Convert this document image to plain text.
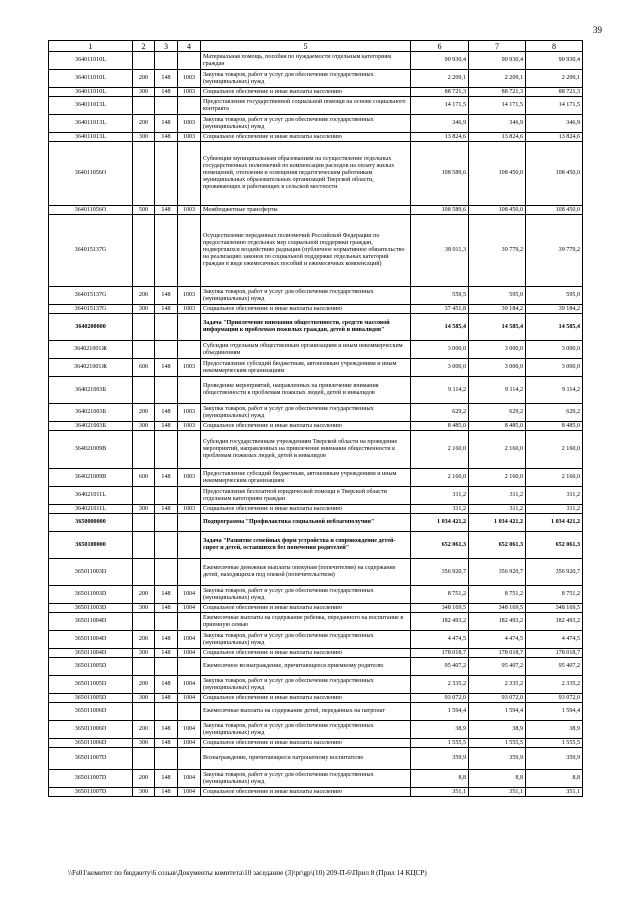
39
1	2	3	4	5	6	7	8
364011010L				Материальная помощь, пособия по нуждаемости отдельным категориям граждан	90 930,4	90 930,4	90 930,4
364011010L	200	148	1003	Закупка товаров, работ и услуг для обеспечения государственных (муниципальных) нужд	2 209,1	2 209,1	2 209,1
364011010L	300	148	1003	Социальное обеспечение и иные выплаты населению	88 721,3	88 721,3	88 721,3
364011013L				Предоставление государственной социальной помощи на основе социального контракта	14 171,5	14 171,5	14 171,5
364011013L	200	148	1003	Закупка товаров, работ и услуг для обеспечения государственных (муниципальных) нужд	346,9	346,9	346,9
364011013L	300	148	1003	Социальное обеспечение и иные выплаты населению	13 824,6	13 824,6	13 824,6
364011056O				Субвенции муниципальным образованиям на осуществление отдельных государственных полномочий по компенсации расходов на оплату жилых помещений, отопления и освещения педагогическим работникам муниципальных образовательных организаций Тверской области, проживающих и работающих в сельской местности	108 589,6	108 450,0	108 450,0
364011056O	500	148	1003	Межбюджетные трансферты	108 589,6	108 450,0	108 450,0
364015137G				Осуществление переданных полномочий Российской Федерации по предоставлению отдельных мер социальной поддержки граждан, подвергшихся воздействию радиации (публичное нормативное обязательство на реализацию законов по социальной поддержке отдельных категорий граждан в виде ежемесячных пособий и ежемесячных компенсаций)	38 011,3	39 779,2	39 779,2
364015137G	200	148	1003	Закупка товаров, работ и услуг для обеспечения государственных (муниципальных) нужд	559,5	595,0	595,0
364015137G	300	148	1003	Социальное обеспечение и иные выплаты населению	37 451,8	39 184,2	39 184,2
3640200000				Задача "Привлечение внимания общественности, средств массовой информации к проблемам пожилых граждан, детей и инвалидов"	14 585,4	14 585,4	14 585,4
364021001Ж				Субсидии отдельным общественным организациям и иным некоммерческим объединениям	3 000,0	3 000,0	3 000,0
364021001Ж	600	148	1003	Предоставление субсидий бюджетным, автономным учреждениям и иным некоммерческим организациям	3 000,0	3 000,0	3 000,0
364021003Б				Проведение мероприятий, направленных на привлечение внимания общественности к проблемам пожилых людей, детей и инвалидов	9 114,2	9 114,2	9 114,2
364021003Б	200	148	1003	Закупка товаров, работ и услуг для обеспечения государственных (муниципальных) нужд	629,2	629,2	629,2
364021003Б	300	148	1003	Социальное обеспечение и иные выплаты населению	8 485,0	8 485,0	8 485,0
364021009В				Субсидия государственным учреждениям Тверской области на проведение мероприятий, направленных на привлечение внимания общественности к проблемам пожилых людей, детей и инвалидов	2 160,0	2 160,0	2 160,0
364021009В	600	148	1003	Предоставление субсидий бюджетным, автономным учреждениям и иным некоммерческим организациям	2 160,0	2 160,0	2 160,0
364021011L				Предоставление бесплатной юридической помощи в Тверской области отдельным категориям граждан	311,2	311,2	311,2
364021011L	300	148	1003	Социальное обеспечение и иные выплаты населению	311,2	311,2	311,2
3650000000				Подпрограмма "Профилактика социальной неблагополучия"	1 034 421,2	1 034 421,2	1 034 421,2
3650100000				Задача "Развитие семейных форм устройства и сопровождение детей-сирот и детей, оставшихся без попечения родителей"	652 061,3	652 061,3	652 061,3
365011003D				Ежемесячные денежные выплаты опекунам (попечителям) на содержание детей, находящихся под опекой (попечительством)	356 920,7	356 920,7	356 920,7
365011003D	200	148	1004	Закупка товаров, работ и услуг для обеспечения государственных (муниципальных) нужд	8 751,2	8 751,2	8 751,2
365011003D	300	148	1004	Социальное обеспечение и иные выплаты населению	348 169,5	348 169,5	348 169,5
365011004D				Ежемесячные выплаты на содержание ребенка, переданного на воспитание в приемную семью	182 493,2	182 493,2	182 493,2
365011004D	200	148	1004	Закупка товаров, работ и услуг для обеспечения государственных (муниципальных) нужд	4 474,5	4 474,5	4 474,5
365011004D	300	148	1004	Социальное обеспечение и иные выплаты населению	178 018,7	178 018,7	178 018,7
365011005D				Ежемесячное вознаграждение, причитающееся приемному родителю	95 407,2	95 407,2	95 407,2
365011005D	200	148	1004	Закупка товаров, работ и услуг для обеспечения государственных (муниципальных) нужд	2 335,2	2 335,2	2 335,2
365011005D	300	148	1004	Социальное обеспечение и иные выплаты населению	93 072,0	93 072,0	93 072,0
365011006D				Ежемесячные выплаты на содержание детей, переданных на патронат	1 594,4	1 594,4	1 594,4
365011006D	200	148	1004	Закупка товаров, работ и услуг для обеспечения государственных (муниципальных) нужд	38,9	38,9	38,9
365011006D	300	148	1004	Социальное обеспечение и иные выплаты населению	1 555,5	1 555,5	1 555,5
365011007D				Вознаграждение, причитающееся патронатному воспитателю	359,9	359,9	359,9
365011007D	200	148	1004	Закупка товаров, работ и услуг для обеспечения государственных (муниципальных) нужд	8,8	8,8	8,8
365011007D	300	148	1004	Социальное обеспечение и иные выплаты населению	351,1	351,1	351,1
\\Fs01\комитет по бюджету\6 созыв\Документы комитета\10 заседание (3)\pr\gp\(10) 209-П-6\Прил 8 (Прил 14 КЦСР)
